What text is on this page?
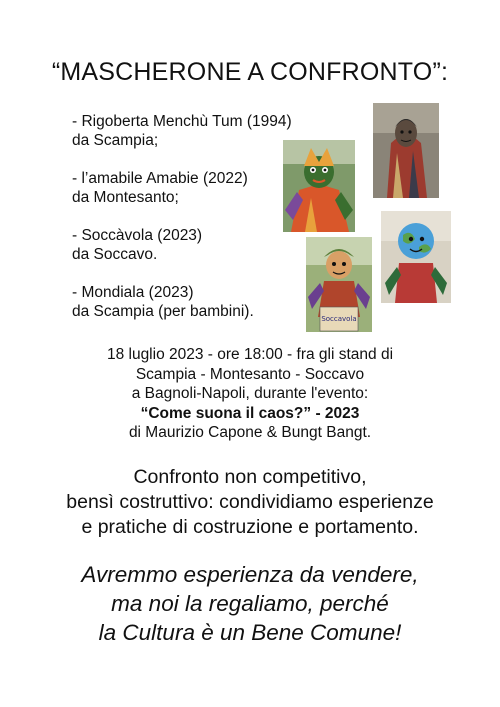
“MASCHERONE A CONFRONTO”:
- Rigoberta Menchù Tum (1994)
da Scampia;
- l’amabile Amabie (2022)
da Montesanto;
- Soccàvola (2023)
da Soccavo.
- Mondiala (2023)
da Scampia (per bambini).	Soccavola
18 luglio 2023 - ore 18:00 - fra gli stand di
Scampia - Montesanto - Soccavo
a Bagnoli-Napoli, durante l'evento:
“Come suona il caos?” - 2023
di Maurizio Capone & Bungt Bangt.
Confronto non competitivo,
bensì costruttivo: condividiamo esperienze
e pratiche di costruzione e portamento.
Avremmo esperienza da vendere,
ma noi la regaliamo, perché
la Cultura è un Bene Comune!
